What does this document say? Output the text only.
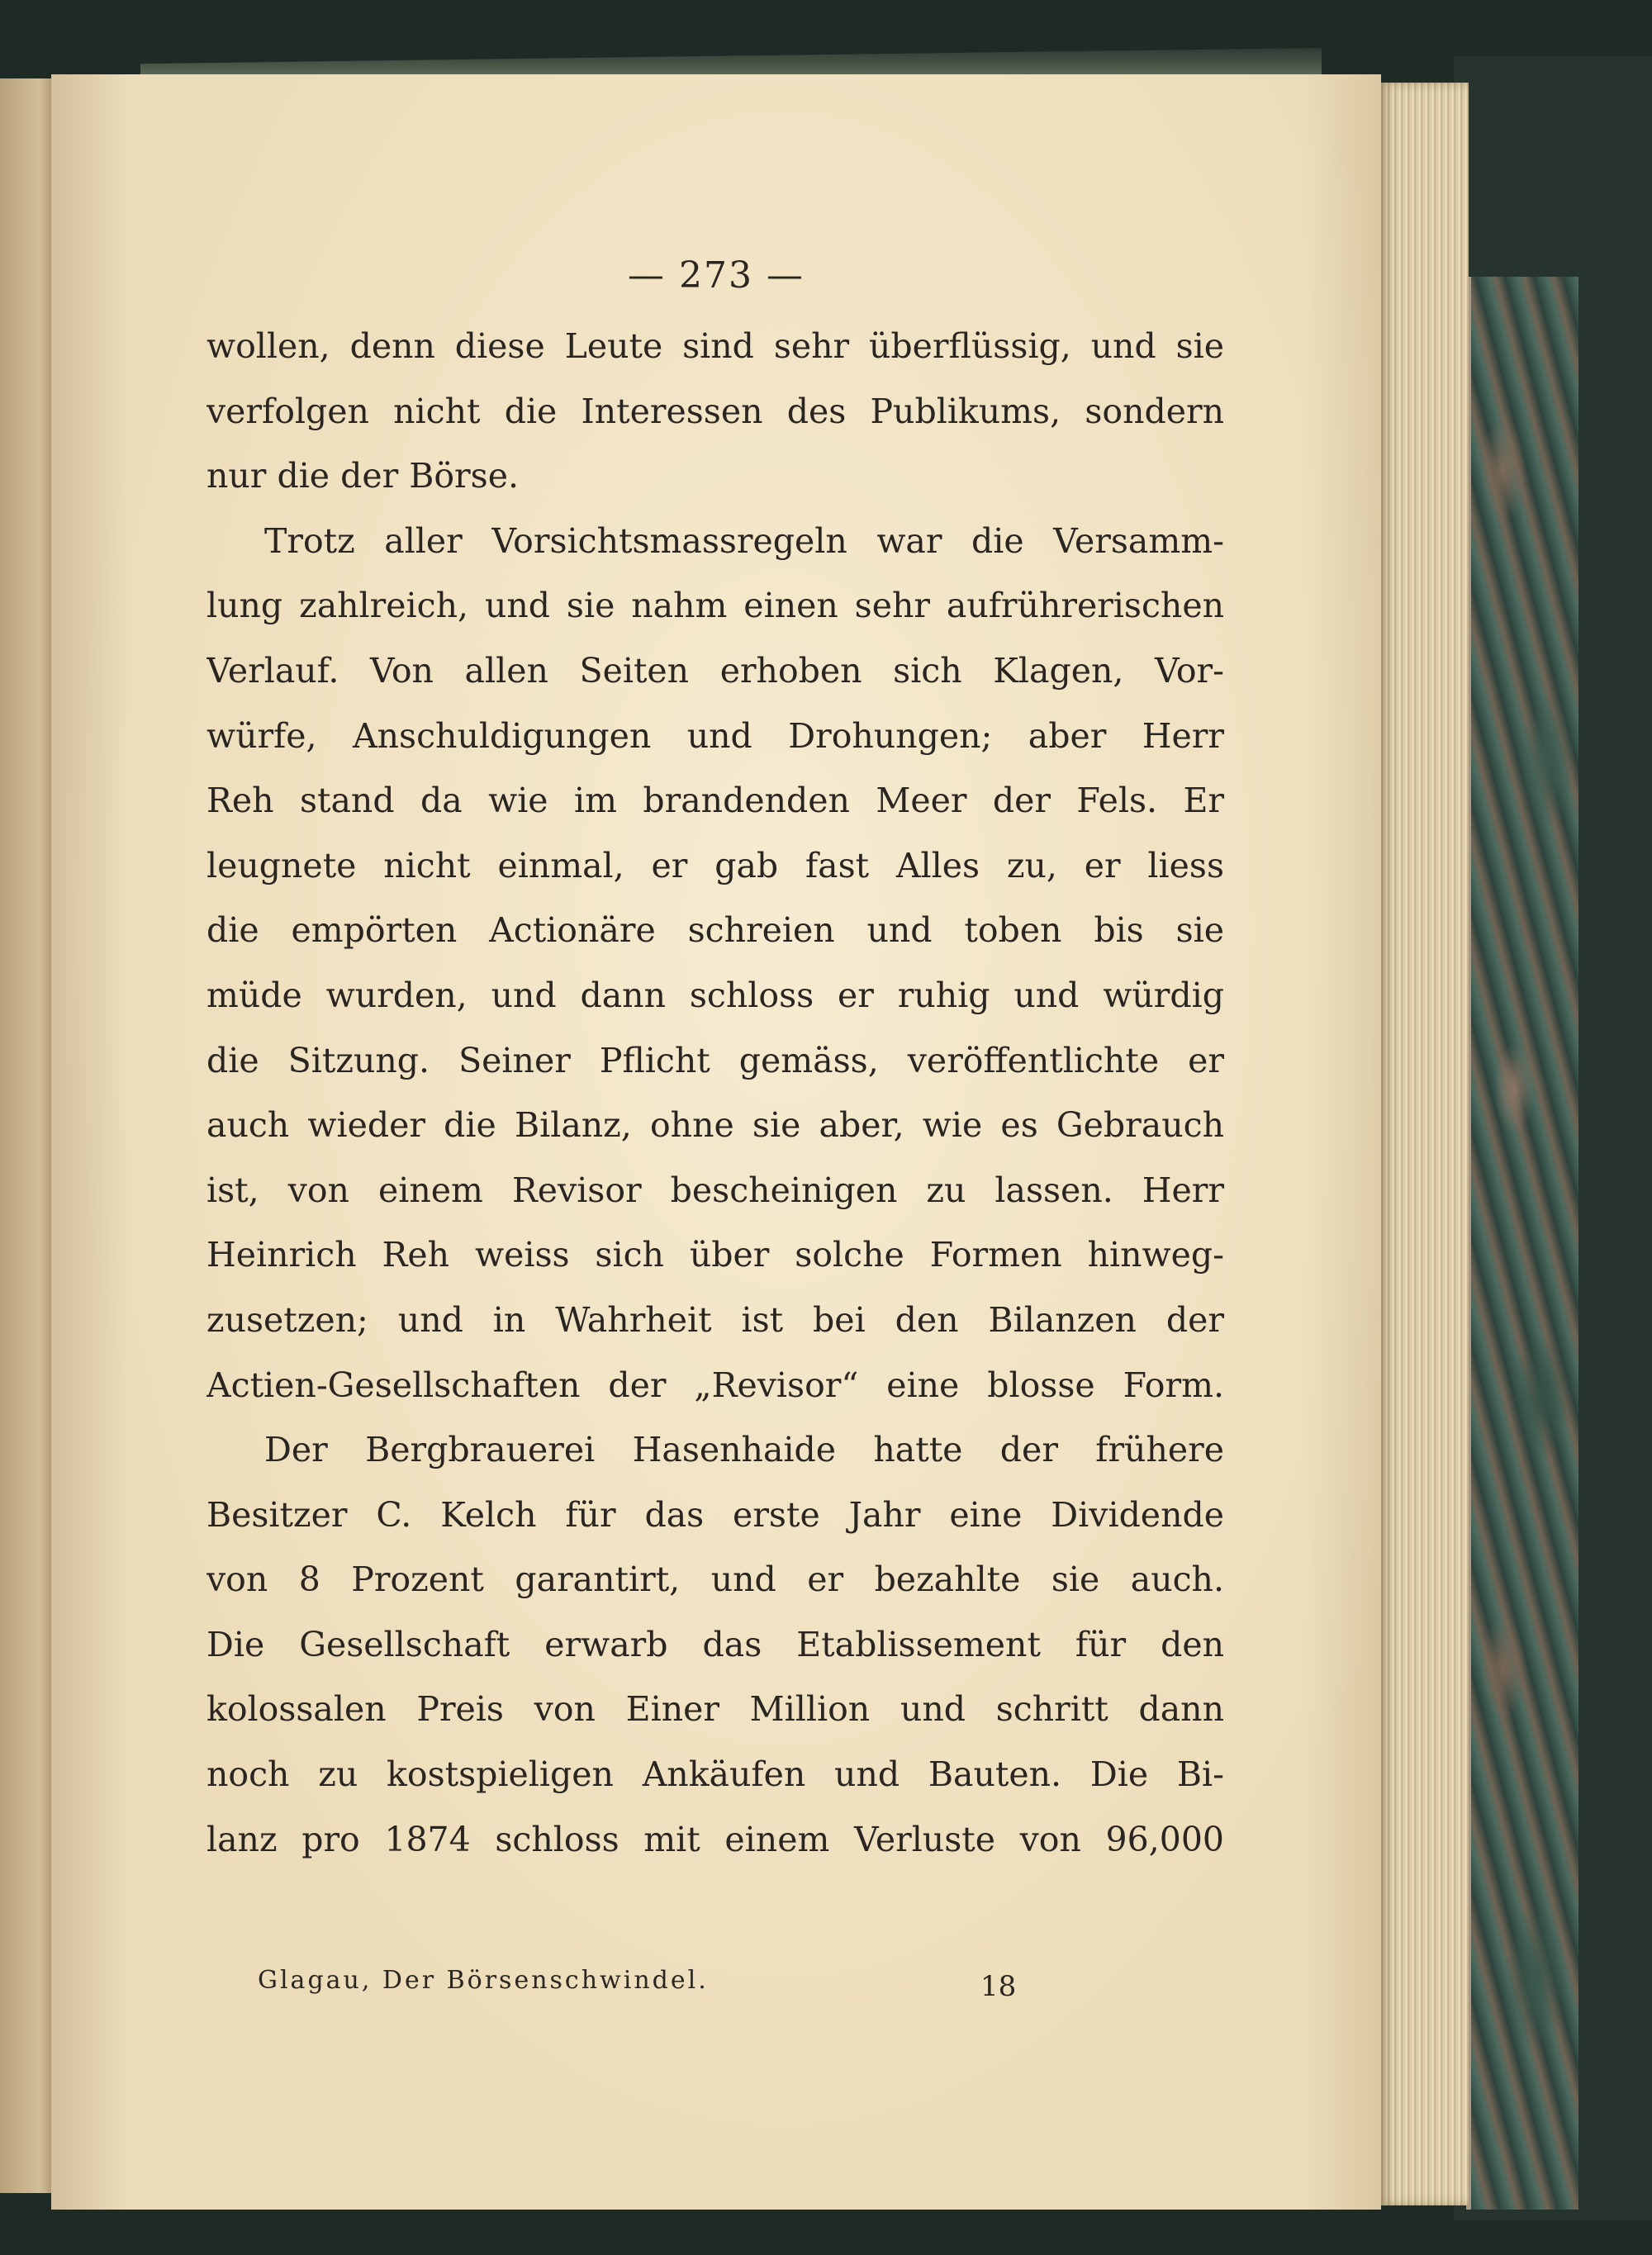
— 273 —
wollen, denn diese Leute sind sehr überflüssig, und sie
verfolgen nicht die Interessen des Publikums, sondern
nur die der Börse.
Trotz aller Vorsichtsmassregeln war die Versamm-
lung zahlreich, und sie nahm einen sehr aufrührerischen
Verlauf. Von allen Seiten erhoben sich Klagen, Vor-
würfe, Anschuldigungen und Drohungen; aber Herr
Reh stand da wie im brandenden Meer der Fels. Er
leugnete nicht einmal, er gab fast Alles zu, er liess
die empörten Actionäre schreien und toben bis sie
müde wurden, und dann schloss er ruhig und würdig
die Sitzung. Seiner Pflicht gemäss, veröffentlichte er
auch wieder die Bilanz, ohne sie aber, wie es Gebrauch
ist, von einem Revisor bescheinigen zu lassen. Herr
Heinrich Reh weiss sich über solche Formen hinweg-
zusetzen; und in Wahrheit ist bei den Bilanzen der
Actien-Gesellschaften der „Revisor“ eine blosse Form.
Der Bergbrauerei Hasenhaide hatte der frühere
Besitzer C. Kelch für das erste Jahr eine Dividende
von 8 Prozent garantirt, und er bezahlte sie auch.
Die Gesellschaft erwarb das Etablissement für den
kolossalen Preis von Einer Million und schritt dann
noch zu kostspieligen Ankäufen und Bauten. Die Bi-
lanz pro 1874 schloss mit einem Verluste von 96,000
Glagau, Der Börsenschwindel.	18
